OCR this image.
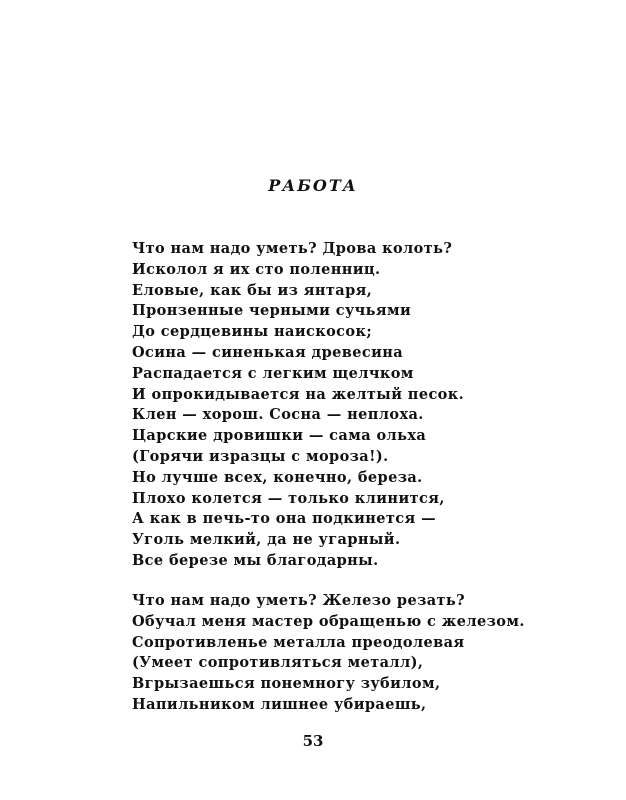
РАБОТА
Что нам надо уметь? Дрова колоть?
Исколол я их сто поленниц.
Еловые, как бы из янтаря,
Пронзенные черными сучьями
До сердцевины наискосок;
Осина — синенькая древесина
Распадается с легким щелчком
И опрокидывается на желтый песок.
Клен — хорош. Сосна — неплоха.
Царские дровишки — сама ольха
(Горячи изразцы с мороза!).
Но лучше всех, конечно, береза.
Плохо колется — только клинится,
А как в печь-то она подкинется —
Уголь мелкий, да не угарный.
Все березе мы благодарны.
Что нам надо уметь? Железо резать?
Обучал меня мастер обращенью с железом.
Сопротивленье металла преодолевая
(Умеет сопротивляться металл),
Вгрызаешься понемногу зубилом,
Напильником лишнее убираешь,

53
